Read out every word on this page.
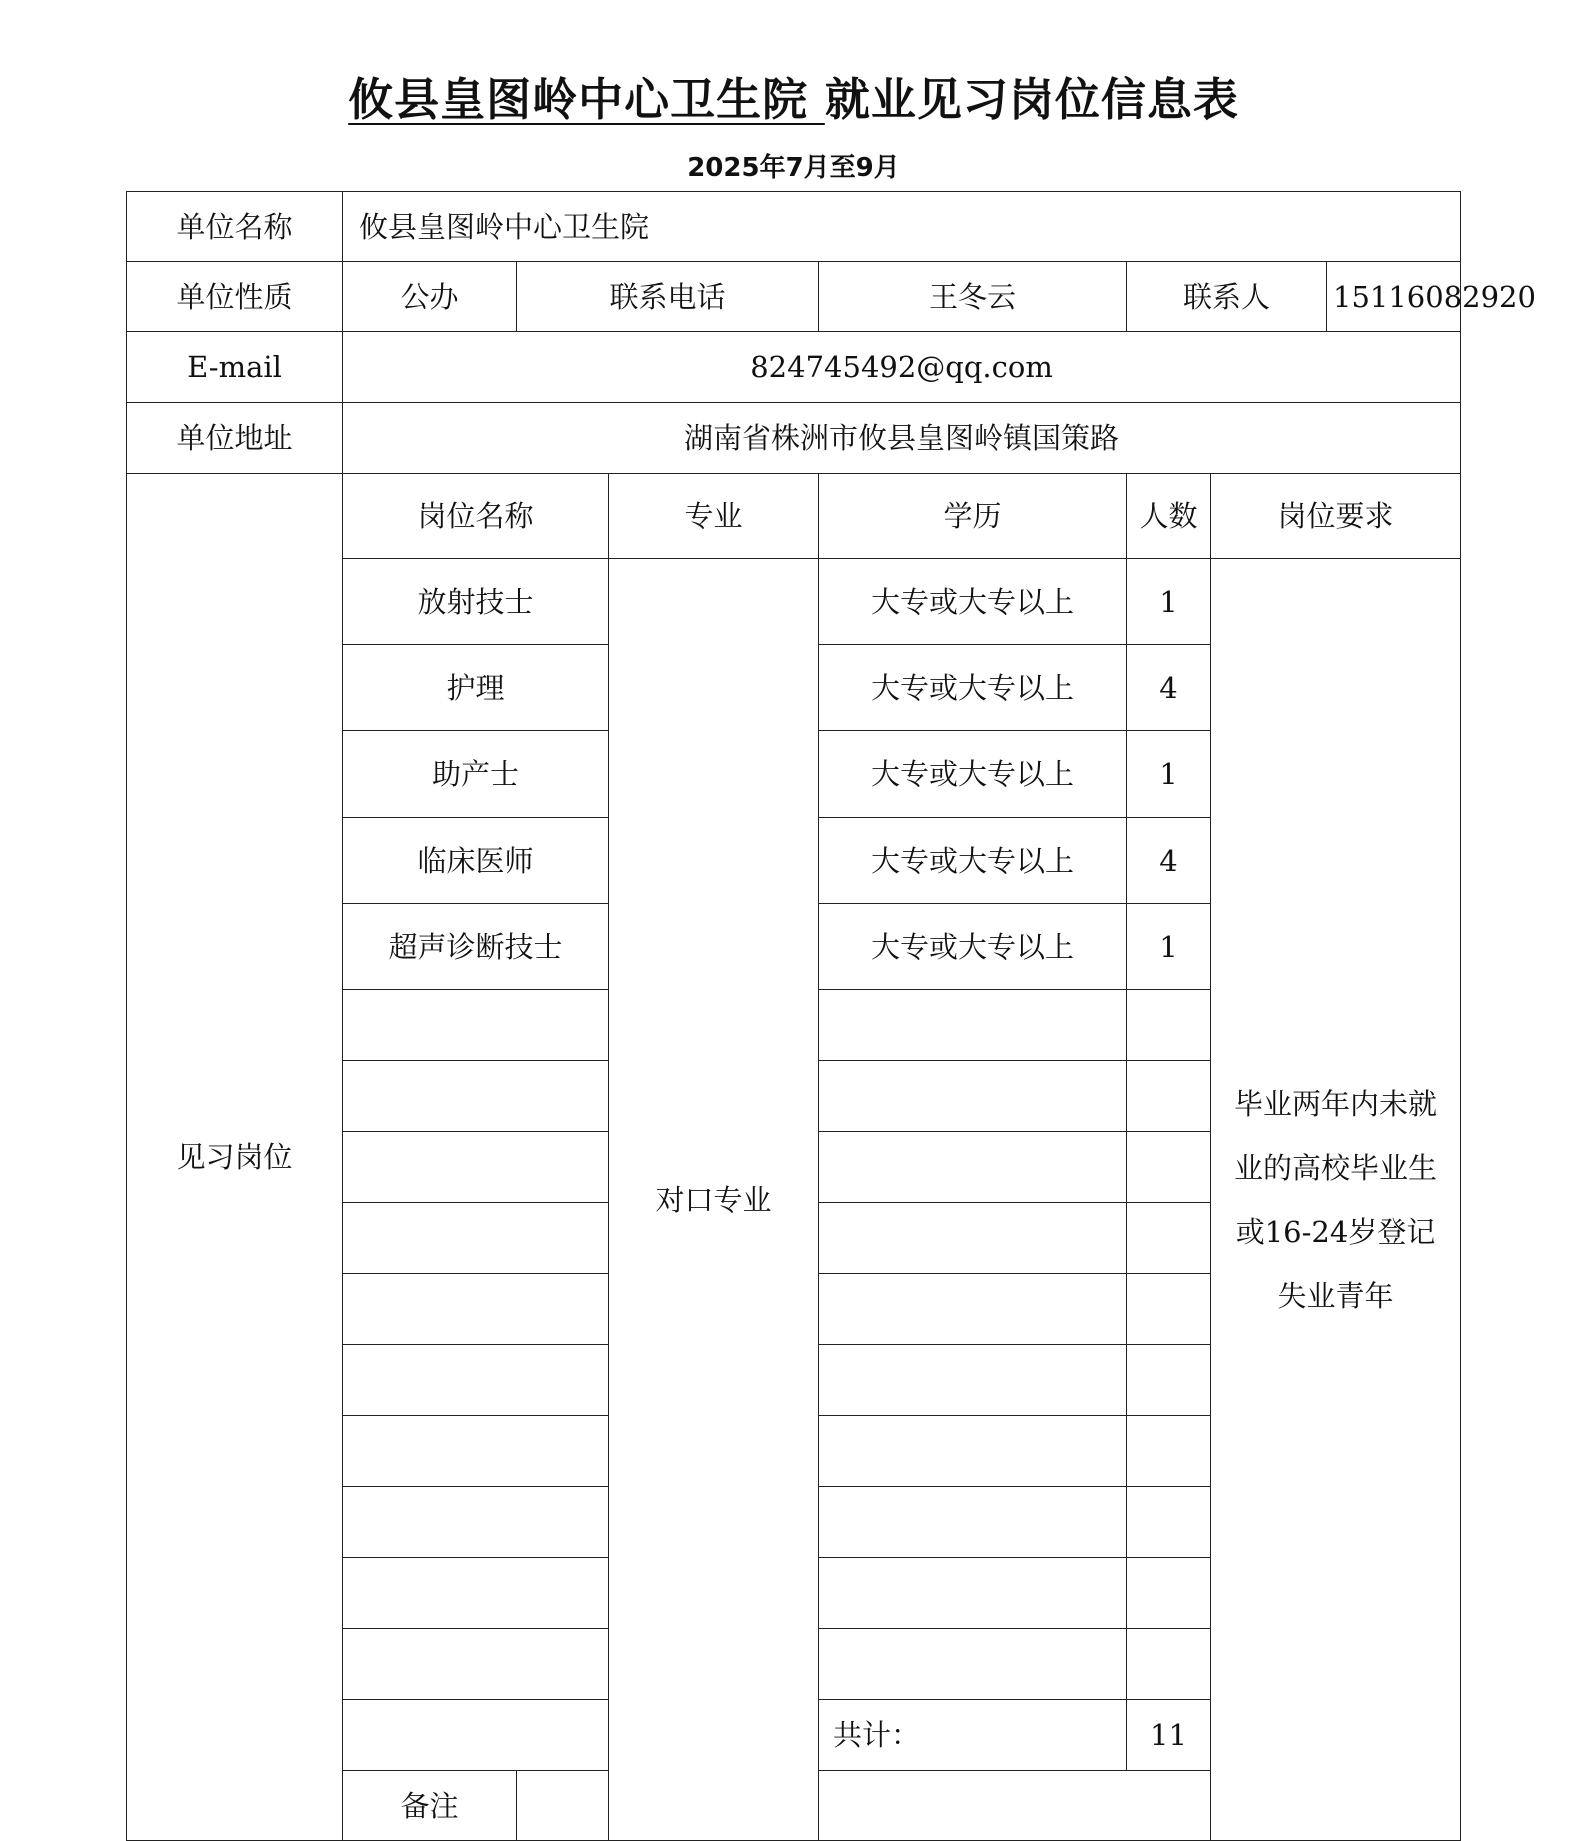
攸县皇图岭中心卫生院 就业见习岗位信息表
2025年7月至9月
单位名称	攸县皇图岭中心卫生院						
单位性质	公办	联系电话		王冬云	联系人		15116082920
E-mail	824745492@qq.com						
单位地址	湖南省株洲市攸县皇图岭镇国策路						
见习岗位	岗位名称		专业	学历	人数	岗位要求	
	放射技士		对口专业	大专或大专以上	1	毕业两年内未就业的高校毕业生或16-24岁登记失业青年	
	护理			大专或大专以上	4		
	助产士			大专或大专以上	1		
	临床医师			大专或大专以上	4		
	超声诊断技士			大专或大专以上	1		

				共计：	11		
	备注						
